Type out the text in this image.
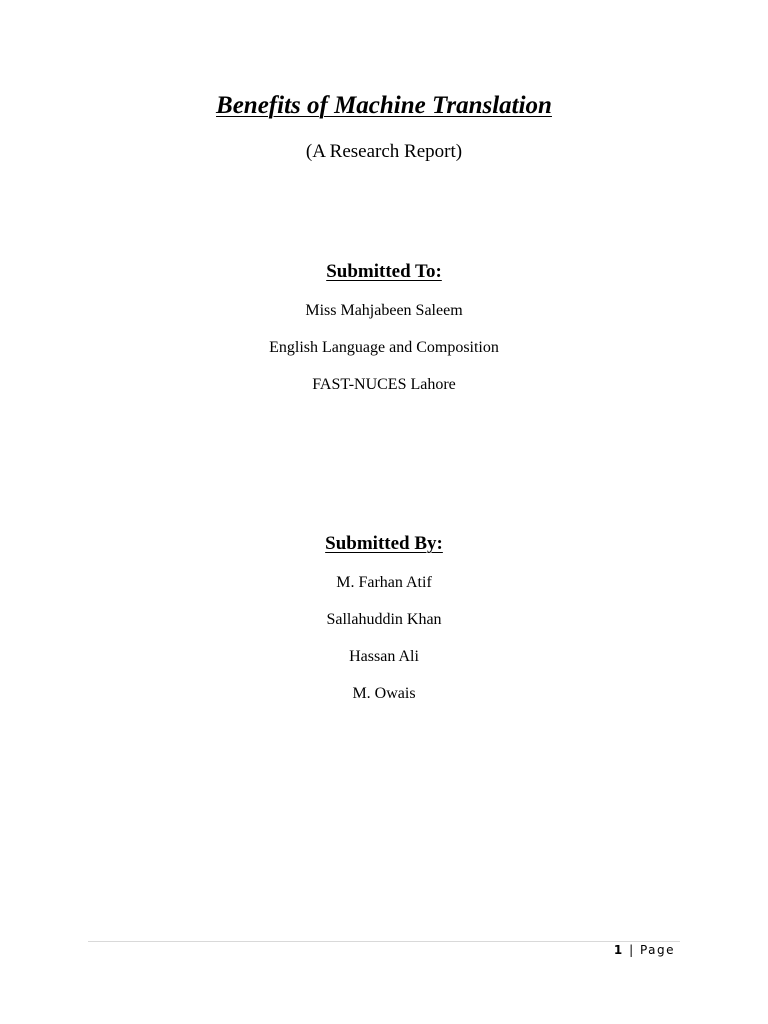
Benefits of Machine Translation
(A Research Report)
Submitted To:
Miss Mahjabeen Saleem
English Language and Composition
FAST-NUCES Lahore
Submitted By:
M. Farhan Atif
Sallahuddin Khan
Hassan Ali
M. Owais
1 | Page
